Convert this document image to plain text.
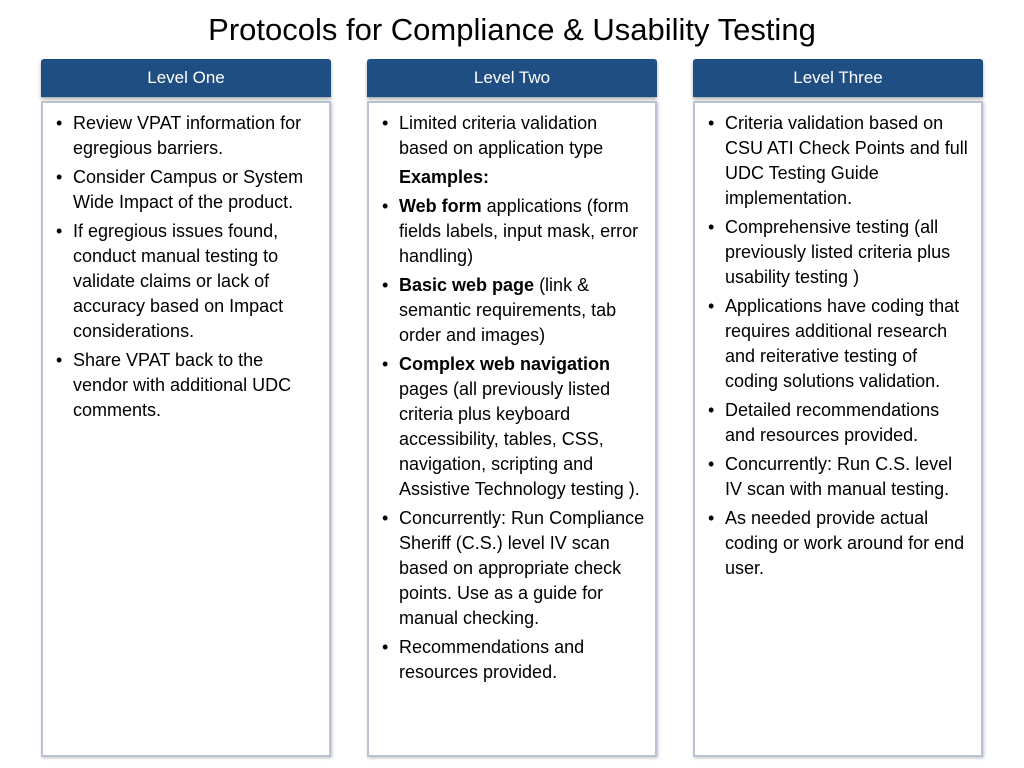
Protocols for Compliance & Usability Testing
Level One
• Review VPAT information for egregious barriers.
• Consider Campus or System Wide Impact of the product.
• If egregious issues found, conduct manual testing to validate claims or lack of accuracy based on Impact considerations.
• Share VPAT back to the vendor with additional UDC comments.
Level Two
• Limited criteria validation based on application type
Examples:
• Web form applications (form fields labels, input mask, error handling)
• Basic web page (link & semantic requirements, tab order and images)
• Complex web navigation pages (all previously listed criteria plus keyboard accessibility, tables, CSS, navigation, scripting and Assistive Technology testing ).
• Concurrently: Run Compliance Sheriff (C.S.) level IV scan based on appropriate check points. Use as a guide for manual checking.
• Recommendations and resources provided.
Level Three
• Criteria validation based on CSU ATI Check Points and full UDC Testing Guide implementation.
• Comprehensive testing (all previously listed criteria plus usability testing )
• Applications have coding that requires additional research and reiterative testing of coding solutions validation.
• Detailed recommendations and resources provided.
• Concurrently: Run C.S. level IV scan with manual testing.
• As needed provide actual coding or work around for end user.
